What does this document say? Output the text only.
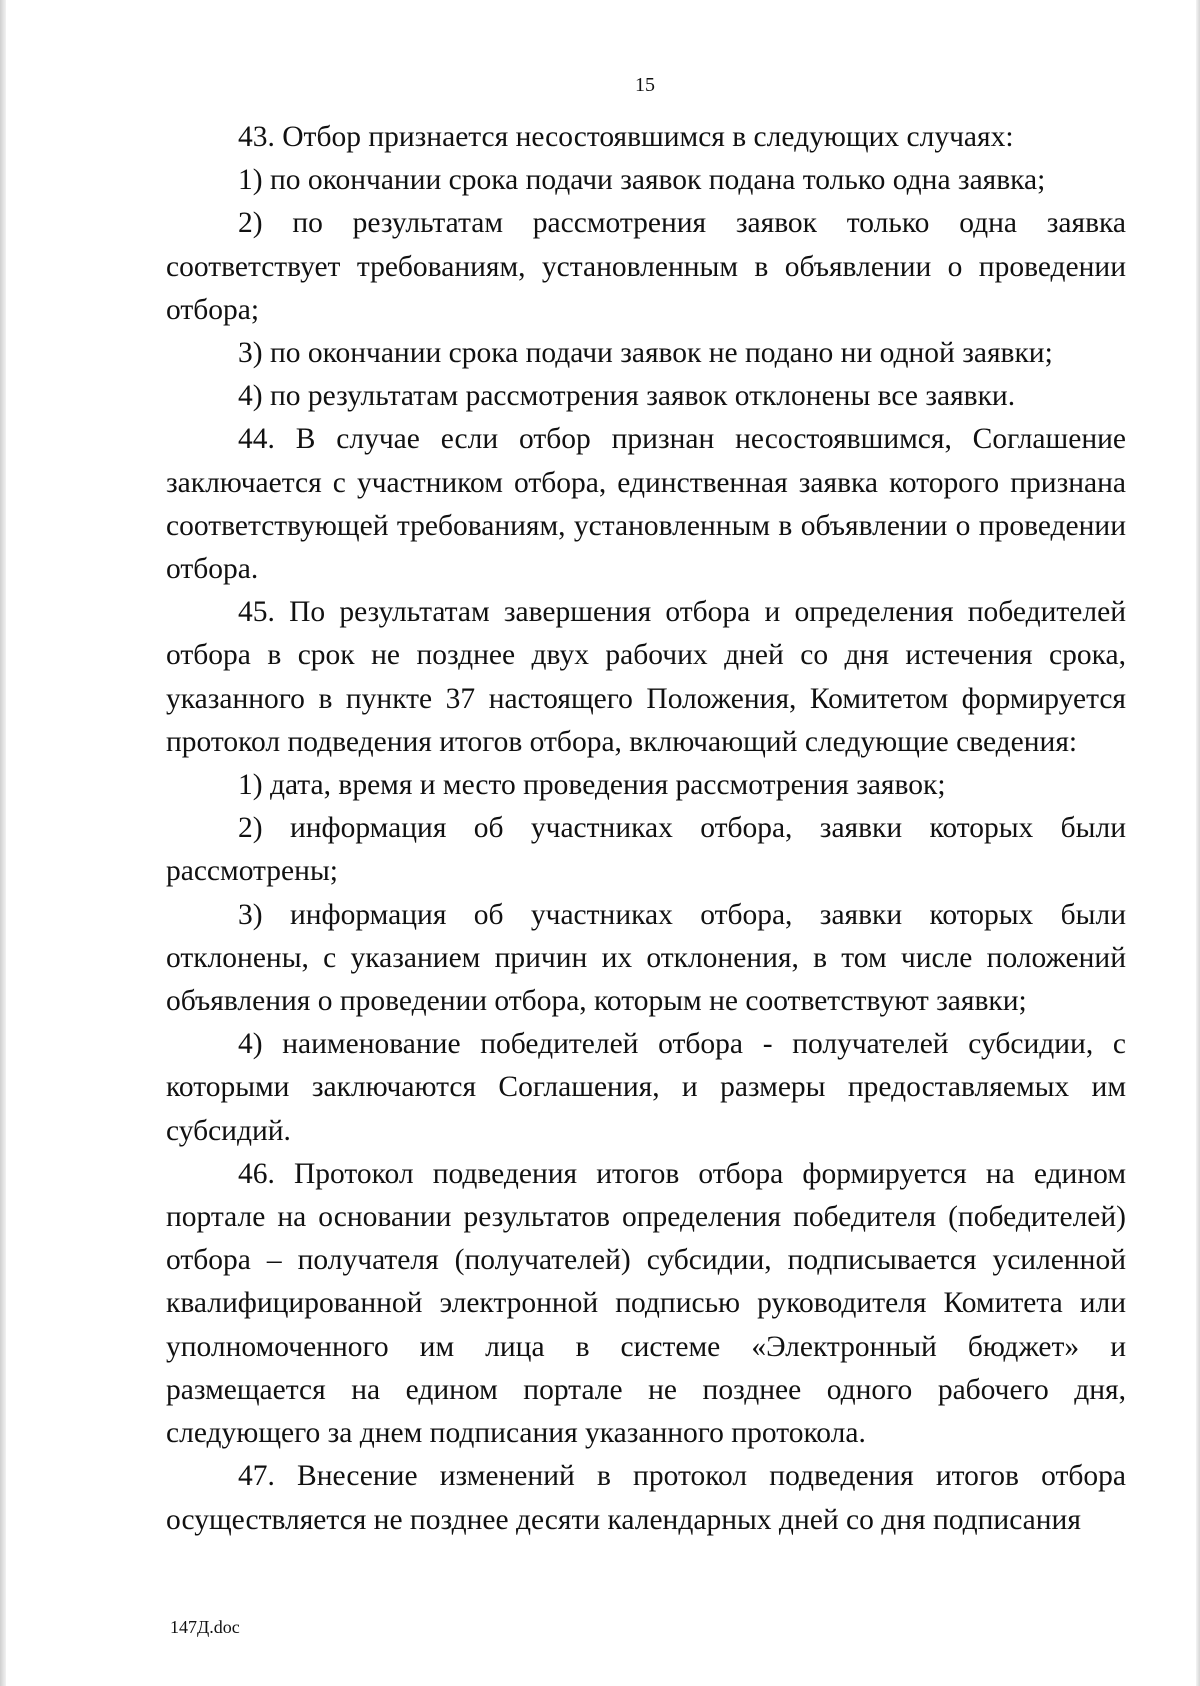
15

43. Отбор признается несостоявшимся в следующих случаях:

1) по окончании срока подачи заявок подана только одна заявка;

2) по результатам рассмотрения заявок только одна заявка соответствует требованиям, установленным в объявлении о проведении отбора;

3) по окончании срока подачи заявок не подано ни одной заявки;

4) по результатам рассмотрения заявок отклонены все заявки.

44. В случае если отбор признан несостоявшимся, Соглашение заключается с участником отбора, единственная заявка которого признана соответствующей требованиям, установленным в объявлении о проведении отбора.

45. По результатам завершения отбора и определения победителей отбора в срок не позднее двух рабочих дней со дня истечения срока, указанного в пункте 37 настоящего Положения, Комитетом формируется протокол подведения итогов отбора, включающий следующие сведения:

1) дата, время и место проведения рассмотрения заявок;

2) информация об участниках отбора, заявки которых были рассмотрены;

3) информация об участниках отбора, заявки которых были отклонены, с указанием причин их отклонения, в том числе положений объявления о проведении отбора, которым не соответствуют заявки;

4) наименование победителей отбора - получателей субсидии, с которыми заключаются Соглашения, и размеры предоставляемых им субсидий.

46. Протокол подведения итогов отбора формируется на едином портале на основании результатов определения победителя (победителей) отбора – получателя (получателей) субсидии, подписывается усиленной квалифицированной электронной подписью руководителя Комитета или уполномоченного им лица в системе «Электронный бюджет» и размещается на едином портале не позднее одного рабочего дня, следующего за днем подписания указанного протокола.

47. Внесение изменений в протокол подведения итогов отбора осуществляется не позднее десяти календарных дней со дня подписания

147Д.doc
